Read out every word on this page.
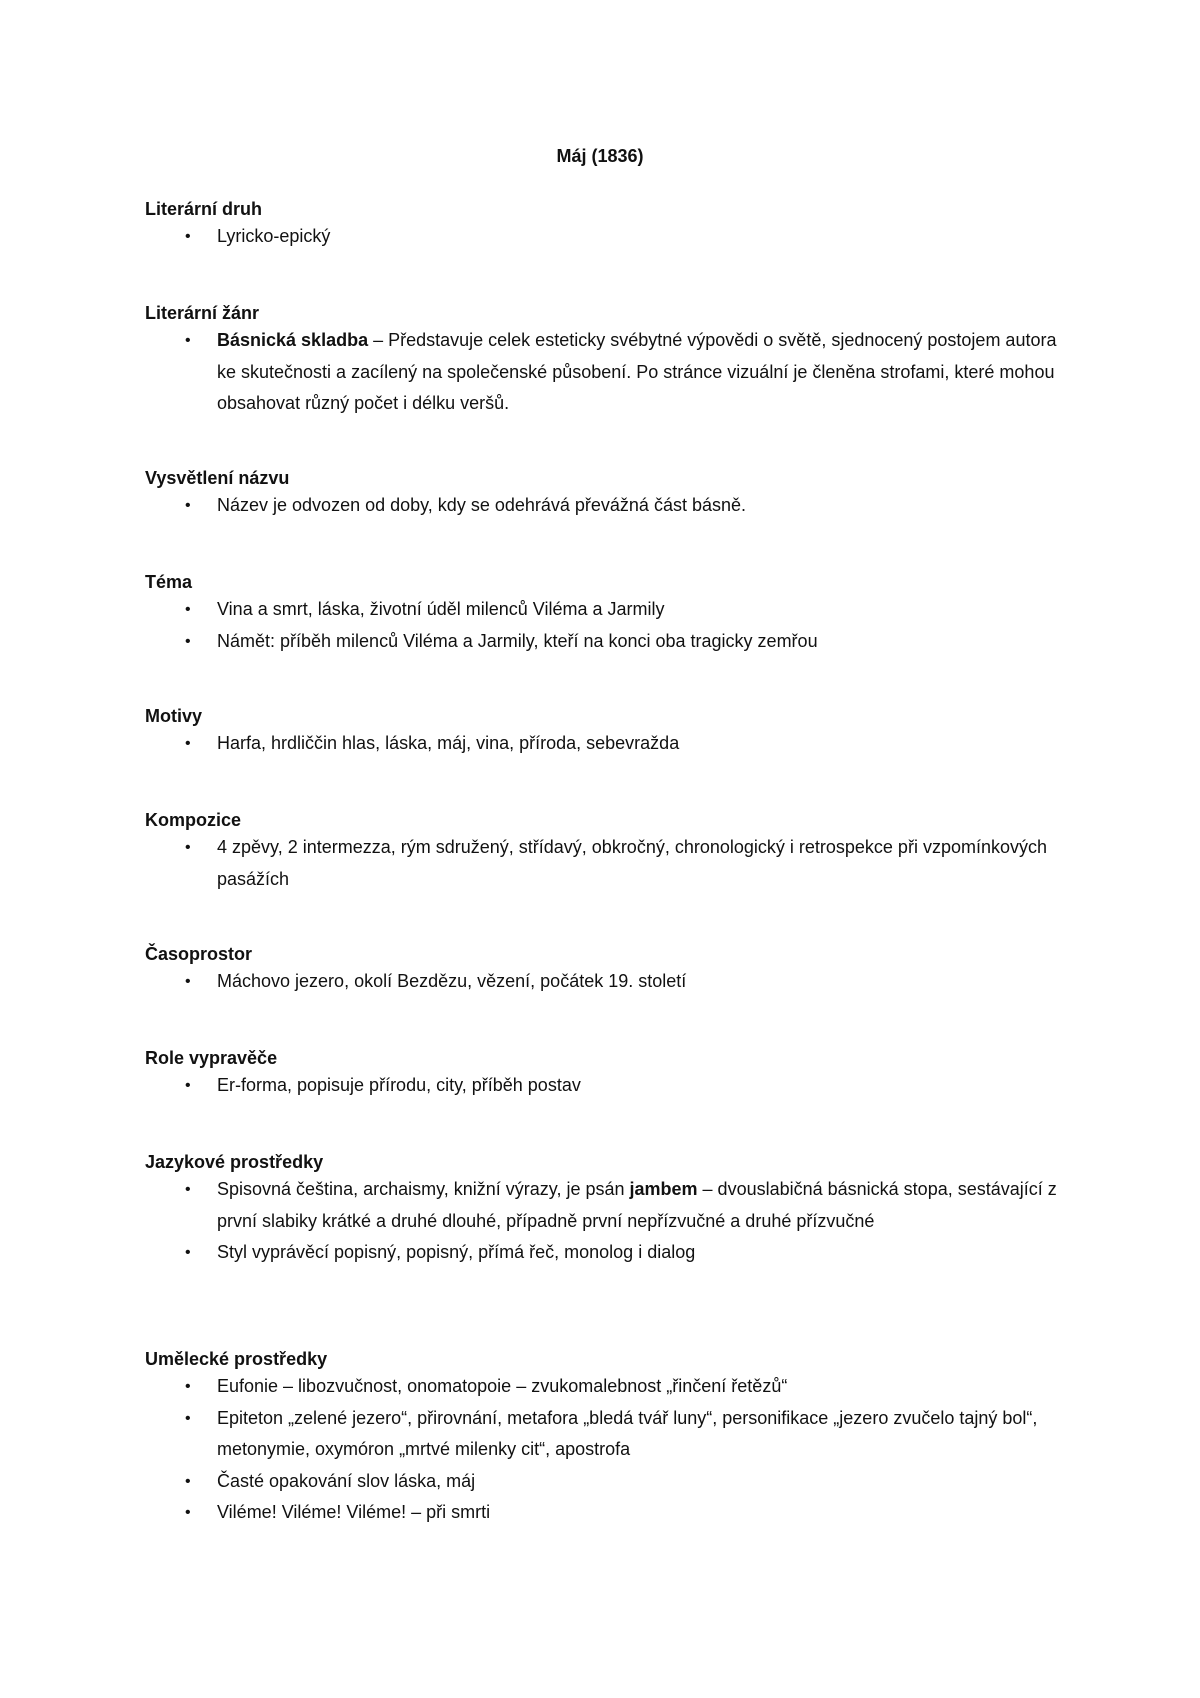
Máj (1836)

Literární druh

• Lyricko-epický

Literární žánr

• Básnická skladba – Představuje celek esteticky svébytné výpovědi o světě, sjednocený postojem autora ke skutečnosti a zacílený na společenské působení. Po stránce vizuální je členěna strofami, které mohou obsahovat různý počet i délku veršů.

Vysvětlení názvu

• Název je odvozen od doby, kdy se odehrává převážná část básně.

Téma

• Vina a smrt, láska, životní úděl milenců Viléma a Jarmily
• Námět: příběh milenců Viléma a Jarmily, kteří na konci oba tragicky zemřou

Motivy

• Harfa, hrdliččin hlas, láska, máj, vina, příroda, sebevražda

Kompozice

• 4 zpěvy, 2 intermezza, rým sdružený, střídavý, obkročný, chronologický i retrospekce při vzpomínkových pasážích

Časoprostor

• Máchovo jezero, okolí Bezdězu, vězení, počátek 19. století

Role vypravěče

• Er-forma, popisuje přírodu, city, příběh postav

Jazykové prostředky

• Spisovná čeština, archaismy, knižní výrazy, je psán jambem – dvouslabičná básnická stopa, sestávající z první slabiky krátké a druhé dlouhé, případně první nepřízvučné a druhé přízvučné
• Styl vyprávěcí popisný, popisný, přímá řeč, monolog i dialog

Umělecké prostředky

• Eufonie – libozvučnost, onomatopoie – zvukomalebnost „řinčení řetězů“
• Epiteton „zelené jezero“, přirovnání, metafora „bledá tvář luny“, personifikace „jezero zvučelo tajný bol“, metonymie, oxymóron „mrtvé milenky cit“, apostrofa
• Časté opakování slov láska, máj
• Viléme! Viléme! Viléme! – při smrti
